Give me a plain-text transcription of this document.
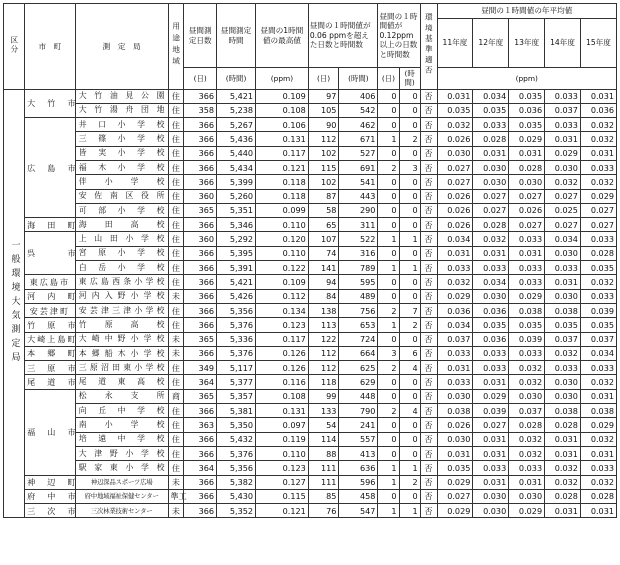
区分	市　町	測　定　局	用途地域	昼間測定日数	昼間測定時間	昼間の1時間値の最高値	昼間の１時間値が0.06 ppmを超えた日数と時間数		昼間の１時間値が0.12ppm 以上の日数と時間数		環境基準適否	昼間の１時間値の年平均値				
												11年度	12年度	13年度	14年度	15年度
				(日)	(時間)	(ppm)	(日)	(時間)	(日)	(時間)		(ppm)				
一般環境大気測定局	大　竹　市	大竹油見公園	住	366	5,421	0.109	97	406	0	0	否	0.031	0.034	0.035	0.033	0.031
		大竹湯舟団地	住	358	5,238	0.108	105	542	0	0	否	0.035	0.035	0.036	0.037	0.036
	広　島　市	井口小学校	住	366	5,267	0.106	90	462	0	0	否	0.032	0.033	0.035	0.033	0.032
		三篠小学校	住	366	5,436	0.131	112	671	1	2	否	0.026	0.028	0.029	0.031	0.032
		皆実小学校	住	366	5,440	0.117	102	527	0	0	否	0.030	0.031	0.031	0.029	0.031
		福木小学校	住	366	5,434	0.121	115	691	2	3	否	0.027	0.030	0.028	0.030	0.033
		伴小学校	住	366	5,399	0.118	102	541	0	0	否	0.027	0.030	0.030	0.032	0.032
		安佐南区役所	住	360	5,260	0.118	87	443	0	0	否	0.026	0.027	0.027	0.027	0.029
		可部小学校	住	365	5,351	0.099	58	290	0	0	否	0.026	0.027	0.026	0.025	0.027
	海　田　町	海田高校	住	366	5,346	0.110	65	311	0	0	否	0.026	0.028	0.027	0.027	0.027
	呉　　　市	上山田小学校	住	360	5,292	0.120	107	522	1	1	否	0.034	0.032	0.033	0.034	0.033
		宮原小学校	住	366	5,395	0.110	74	316	0	0	否	0.031	0.031	0.031	0.030	0.028
		白岳小学校	住	366	5,391	0.122	141	789	1	1	否	0.033	0.033	0.033	0.033	0.035
	東広島市	東広島西条小学校	住	366	5,421	0.109	94	595	0	0	否	0.032	0.034	0.033	0.031	0.032
	河　内　町	河内入野小学校	未	366	5,426	0.112	84	489	0	0	否	0.029	0.030	0.029	0.030	0.033
	安芸津町	安芸津三津小学校	住	366	5,356	0.134	138	756	2	7	否	0.036	0.036	0.038	0.038	0.039
	竹　原　市	竹原高校	住	366	5,376	0.123	113	653	1	2	否	0.034	0.035	0.035	0.035	0.035
	大崎上島町	大崎中野小学校	未	365	5,336	0.117	122	724	0	0	否	0.037	0.036	0.039	0.037	0.037
	本　郷　町	本郷船木小学校	未	366	5,376	0.126	112	664	3	6	否	0.033	0.033	0.033	0.032	0.034
	三　原　市	三原沼田東小学校	住	349	5,117	0.126	112	625	2	4	否	0.031	0.033	0.032	0.033	0.033
	尾　道　市	尾道東高校	住	364	5,377	0.116	118	629	0	0	否	0.033	0.031	0.032	0.030	0.032
	福　山　市	松永支所	商	365	5,357	0.108	99	448	0	0	否	0.030	0.029	0.030	0.030	0.031
		向丘中学校	住	366	5,381	0.131	133	790	2	4	否	0.038	0.039	0.037	0.038	0.038
		南小学校	住	363	5,350	0.097	54	241	0	0	否	0.026	0.027	0.028	0.028	0.029
		培遠中学校	住	366	5,432	0.119	114	557	0	0	否	0.030	0.031	0.032	0.031	0.032
		大津野小学校	住	366	5,376	0.110	88	413	0	0	否	0.031	0.031	0.032	0.031	0.031
		駅家東小学校	住	364	5,356	0.123	111	636	1	1	否	0.035	0.033	0.033	0.032	0.033
	神　辺　町	神辺深品スポーツ広場	未	366	5,382	0.127	111	596	1	2	否	0.029	0.031	0.031	0.032	0.032
	府　中　市	府中地域福祉保健センター	準工	366	5,430	0.115	85	458	0	0	否	0.027	0.030	0.030	0.028	0.028
	三　次　市	三次林業技術センター	未	366	5,352	0.121	76	547	1	1	否	0.029	0.030	0.029	0.031	0.031
